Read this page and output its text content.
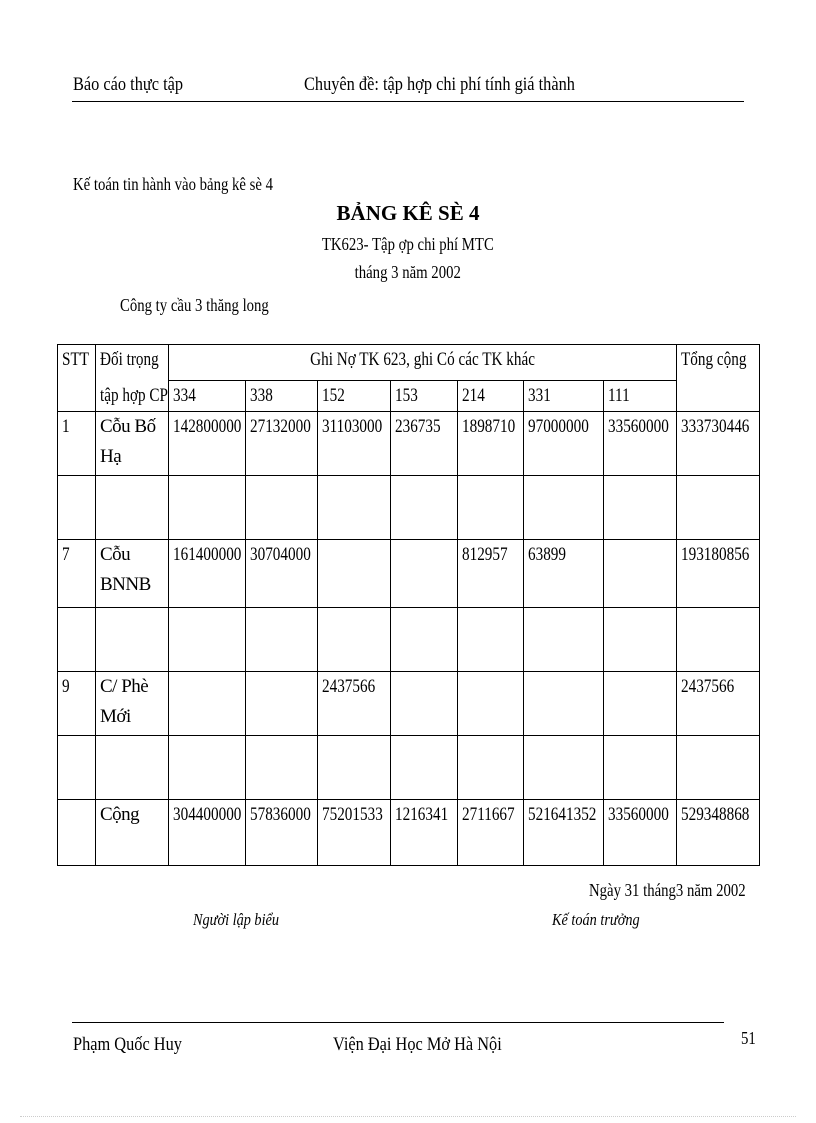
Báo cáo thực tập	Chuyên đề: tập hợp chi phí tính giá thành
Kế toán tin hành vào bảng kê sè 4
BẢNG KÊ SÈ 4
TK623- Tập ợp chi phí MTC
tháng 3 năm 2002
Công ty cầu 3 thăng long
STT	Đối trọng	Ghi Nợ TK 623, ghi Có các TK khác							Tổng cộng
	tập hợp CP	334	338	152	153	214	331	111	
1	Cỗu Bố Hạ	142800000	27132000	31103000	236735	1898710	97000000	33560000	333730446

7	Cỗu BNNB	161400000	30704000			812957	63899		193180856

9	C/ Phè Mới			2437566					2437566

	Cộng	304400000	57836000	75201533	1216341	2711667	521641352	33560000	529348868
Ngày 31 tháng3 năm 2002
Người lập biểu	Kế toán trưởng
Phạm Quốc Huy	Viện Đại Học Mở Hà Nội	51
